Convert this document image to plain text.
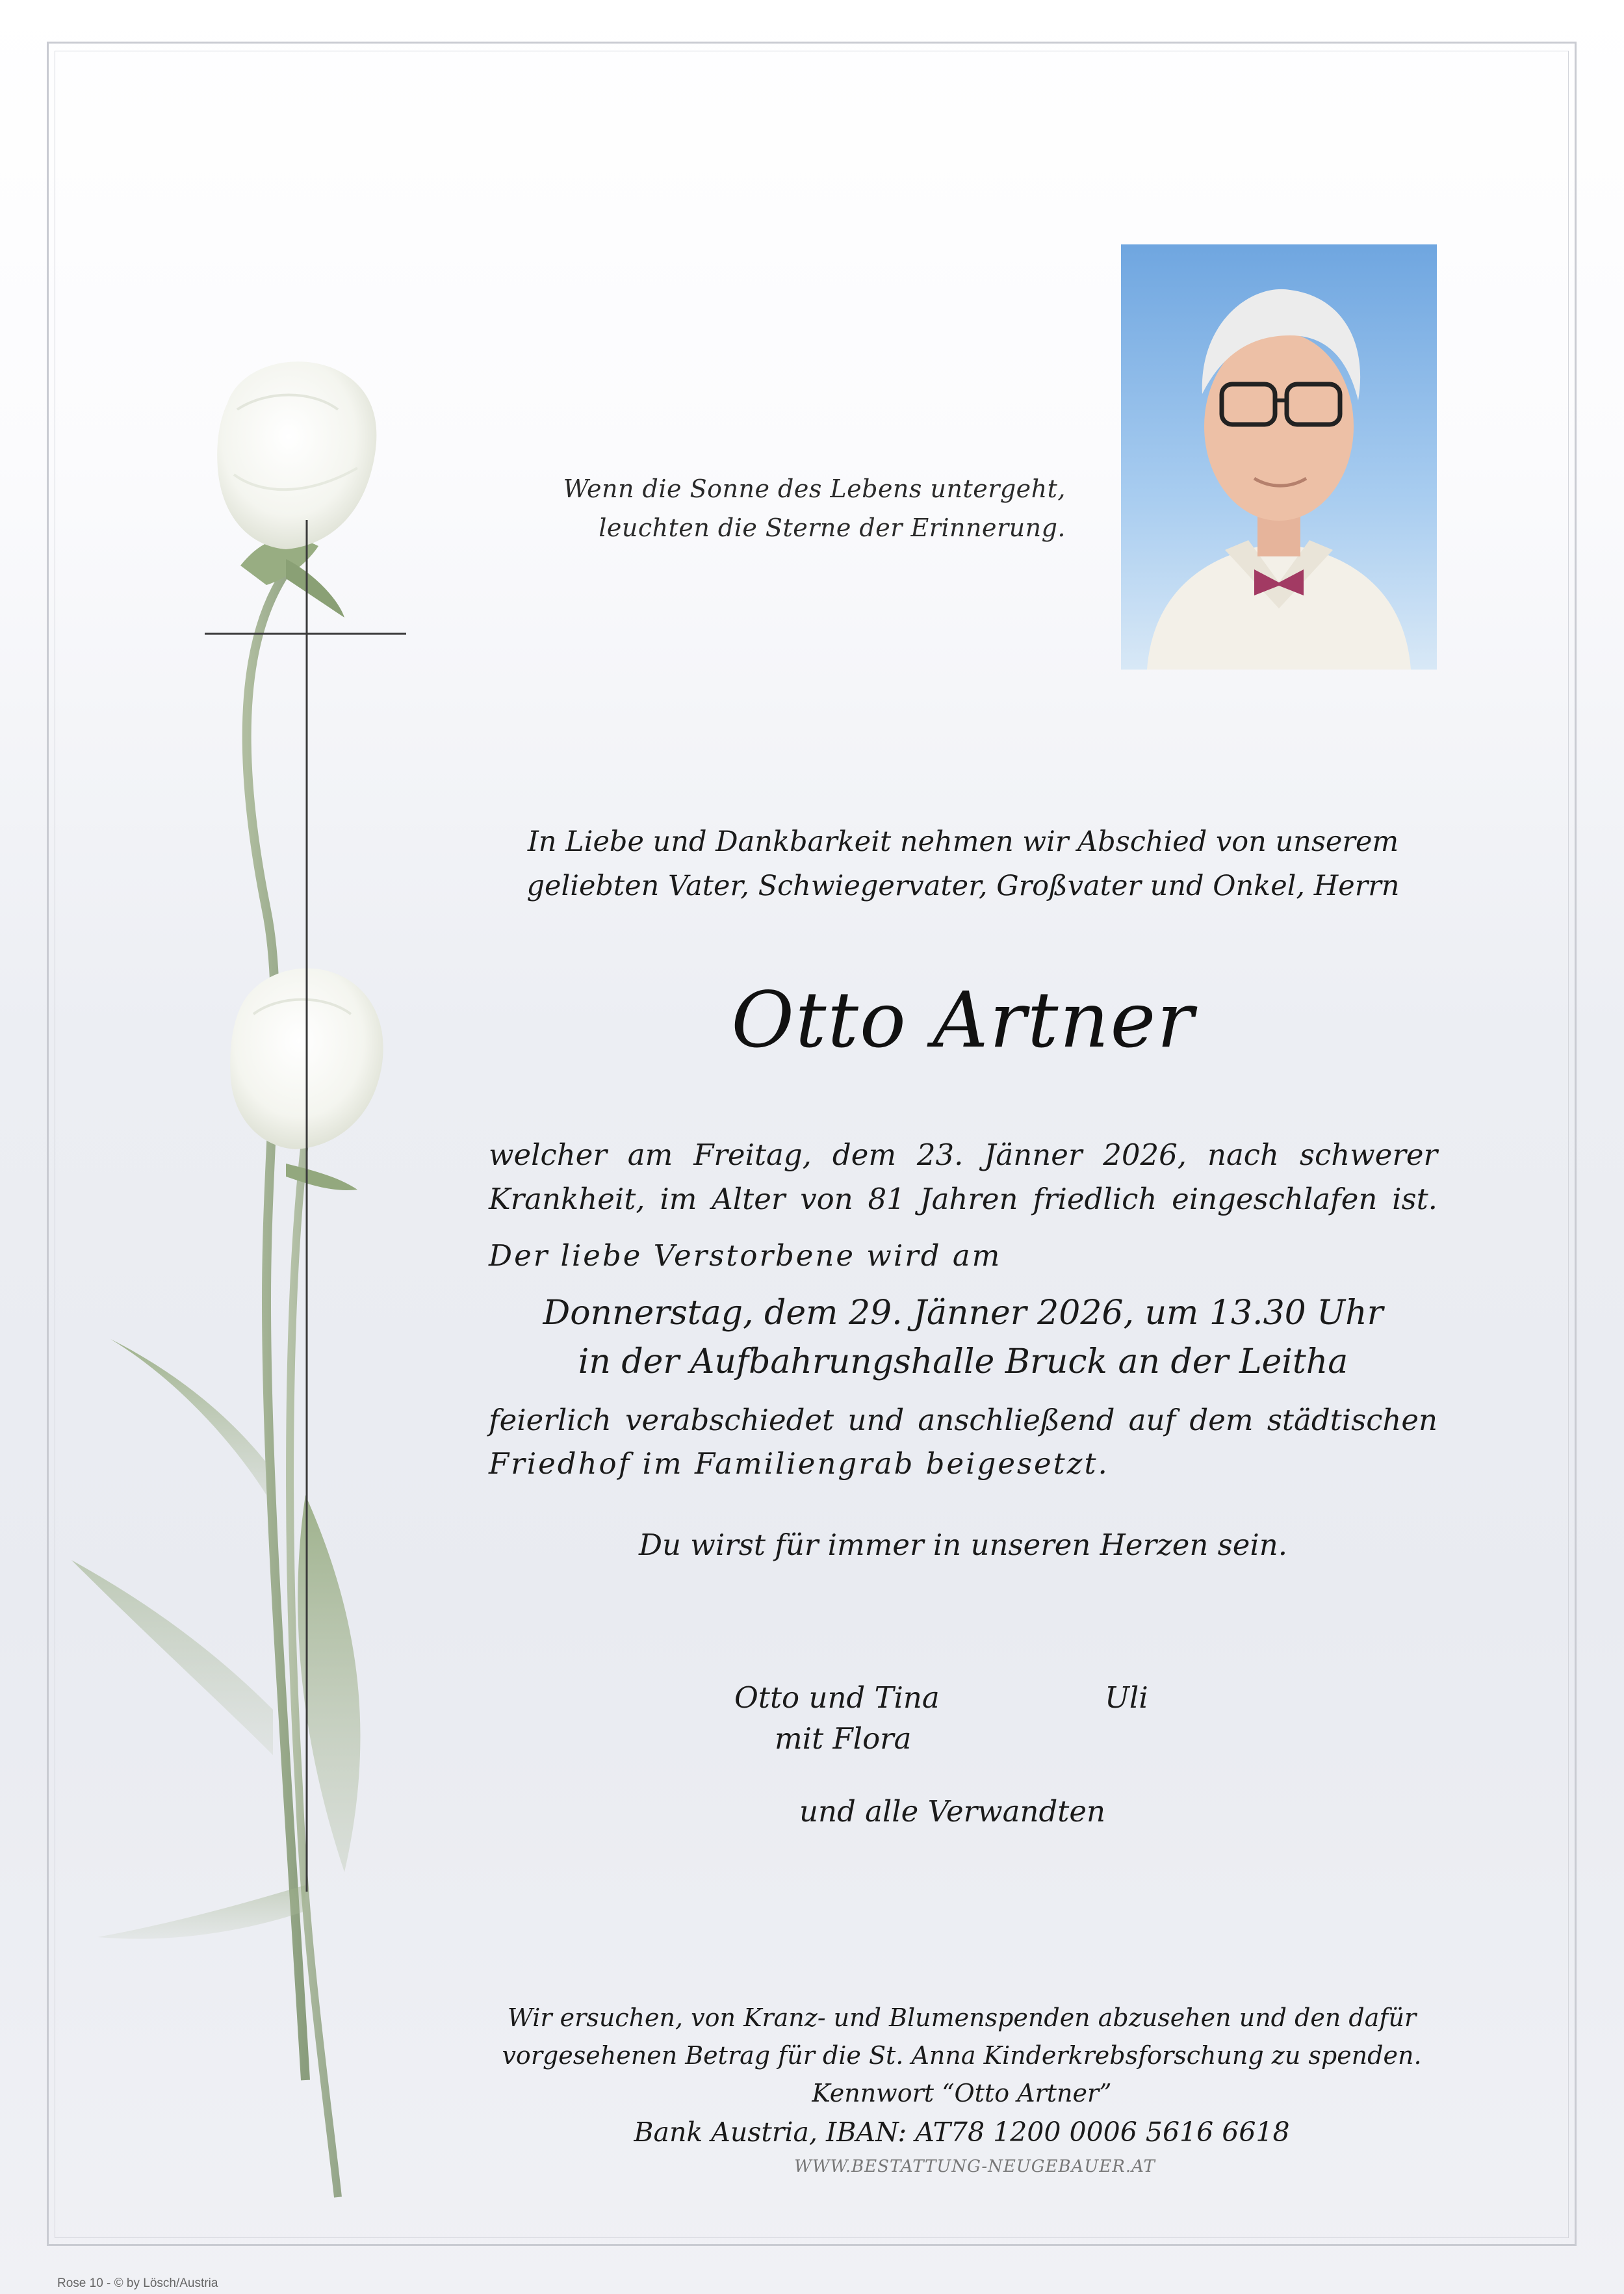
Wenn die Sonne des Lebens untergeht,
leuchten die Sterne der Erinnerung.
In Liebe und Dankbarkeit nehmen wir Abschied von unserem
geliebten Vater, Schwiegervater, Großvater und Onkel, Herrn
Otto Artner
welcher am Freitag, dem 23. Jänner 2026, nach schwerer
Krankheit, im Alter von 81 Jahren friedlich eingeschlafen ist.
Der liebe Verstorbene wird am
Donnerstag, dem 29. Jänner 2026, um 13.30 Uhr
in der Aufbahrungshalle Bruck an der Leitha
feierlich verabschiedet und anschließend auf dem städtischen
Friedhof im Familiengrab beigesetzt.
Du wirst für immer in unseren Herzen sein.
Otto und Tina
mit Flora
Uli
und alle Verwandten
Wir ersuchen, von Kranz- und Blumenspenden abzusehen und den dafür
vorgesehenen Betrag für die St. Anna Kinderkrebsforschung zu spenden.
Kennwort “Otto Artner”
Bank Austria, IBAN: AT78 1200 0006 5616 6618
WWW.BESTATTUNG-NEUGEBAUER.AT
Rose 10 - © by Lösch/Austria
